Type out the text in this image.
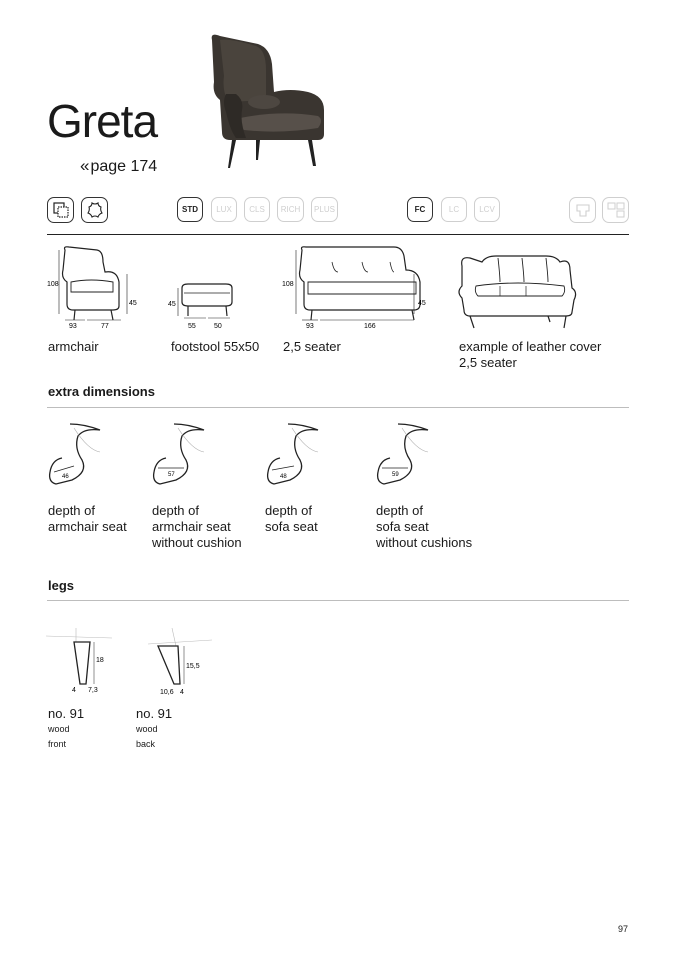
Greta
«page 174
STD	LUX	CLS	RICH	PLUS	FC	LC	LCV
108
45
93	77
armchair
45
55	50
footstool 55x50
108
45
93	166
2,5 seater	example of leather cover
2,5 seater
extra dimensions
46	57	48	59
depth of
armchair seat
depth of
armchair seat
without cushion
depth of
sofa seat
depth of
sofa seat
without cushions
legs
18
4 7,3
15,5
10,6 4
no. 91
wood
front
no. 91
wood
back
97
